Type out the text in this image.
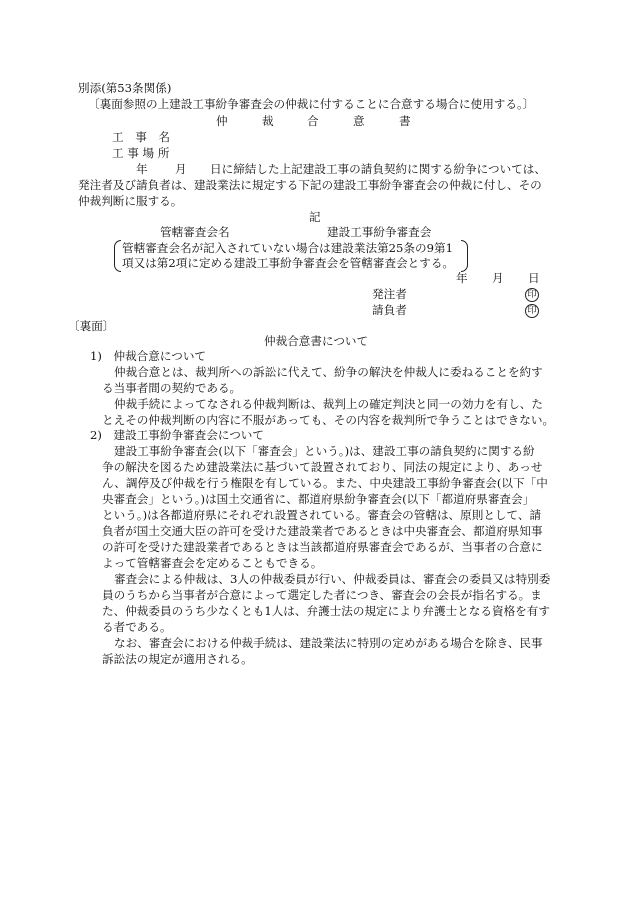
別添(第53条関係)
〔裏面参照の上建設工事紛争審査会の仲裁に付することに合意する場合に使用する。〕
仲	裁	合	意	書
工　事　名
工 事 場 所
年 月 日に締結した上記建設工事の請負契約に関する紛争については、
発注者及び請負者は、建設業法に規定する下記の建設工事紛争審査会の仲裁に付し、その
仲裁判断に服する。
記
管轄審査会名	建設工事紛争審査会
管轄審査会名が記入されていない場合は建設業法第25条の9第1
項又は第2項に定める建設工事紛争審査会を管轄審査会とする。
年 月 日
発注者	印
請負者	印
〔裏面〕
仲裁合意書について
1)　仲裁合意について
仲裁合意とは、裁判所への訴訟に代えて、紛争の解決を仲裁人に委ねることを約す
る当事者間の契約である。
仲裁手続によってなされる仲裁判断は、裁判上の確定判決と同一の効力を有し、た
とえその仲裁判断の内容に不服があっても、その内容を裁判所で争うことはできない。
2)　建設工事紛争審査会について
建設工事紛争審査会(以下「審査会」という。)は、建設工事の請負契約に関する紛
争の解決を図るため建設業法に基づいて設置されており、同法の規定により、あっせ
ん、調停及び仲裁を行う権限を有している。また、中央建設工事紛争審査会(以下「中
央審査会」という。)は国土交通省に、都道府県紛争審査会(以下「都道府県審査会」
という。)は各都道府県にそれぞれ設置されている。審査会の管轄は、原則として、請
負者が国土交通大臣の許可を受けた建設業者であるときは中央審査会、都道府県知事
の許可を受けた建設業者であるときは当該都道府県審査会であるが、当事者の合意に
よって管轄審査会を定めることもできる。
審査会による仲裁は、3人の仲裁委員が行い、仲裁委員は、審査会の委員又は特別委
員のうちから当事者が合意によって選定した者につき、審査会の会長が指名する。ま
た、仲裁委員のうち少なくとも1人は、弁護士法の規定により弁護士となる資格を有す
る者である。
なお、審査会における仲裁手続は、建設業法に特別の定めがある場合を除き、民事
訴訟法の規定が適用される。
